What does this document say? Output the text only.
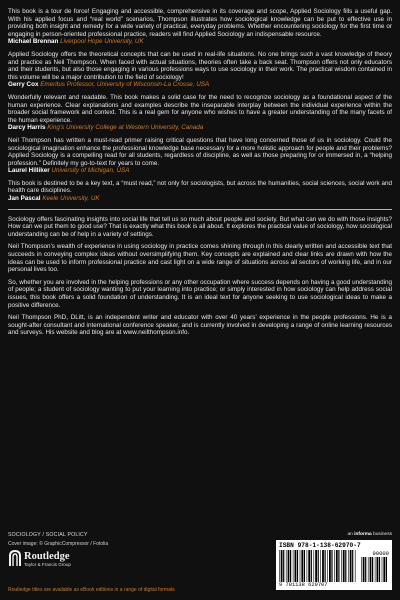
This book is a tour de force! Engaging and accessible, comprehensive in its coverage and scope, Applied Sociology fills a useful gap. With his applied focus and “real world” scenarios, Thompson illustrates how sociological knowledge can be put to effective use in providing both insight and remedy for a wide variety of practical, everyday problems. Whether encountering sociology for the first time or engaging in person-oriented professional practice, readers will find Applied Sociology an indispensable resource.

Michael Brennan Liverpool Hope University, UK

Applied Sociology offers the theoretical concepts that can be used in real-life situations. No one brings such a vast knowledge of theory and practice as Neil Thompson. When faced with actual situations, theories often take a back seat. Thompson offers not only educators and their students, but also those engaging in various professions ways to use sociology in their work. The practical wisdom contained in this volume will be a major contribution to the field of sociology!

Gerry Cox Emeritus Professor, University of Wisconsin-La Crosse, USA

Wonderfully relevant and readable. This book makes a solid case for the need to recognize sociology as a foundational aspect of the human experience. Clear explanations and examples describe the inseparable interplay between the individual experience within the broader social framework and context. This is a real gem for anyone who wishes to have a greater understanding of the many facets of the human experience.

Darcy Harris King’s University College at Western University, Canada

Neil Thompson has written a must-read primer raising critical questions that have long concerned those of us in sociology. Could the sociological imagination enhance the professional knowledge base necessary for a more holistic approach for people and their problems? Applied Sociology is a compelling read for all students, regardless of discipline, as well as those preparing for or immersed in, a “helping profession.” Definitely my go-to-text for years to come.

Laurel Hilliker University of Michigan, USA

This book is destined to be a key text, a “must read,” not only for sociologists, but across the humanities, social sciences, social work and health care disciplines.

Jan Pascal Keele University, UK

Sociology offers fascinating insights into social life that tell us so much about people and society. But what can we do with those insights? How can we put them to good use? That is exactly what this book is all about. It explores the practical value of sociology, how sociological understanding can be of help in a variety of settings.

Neil Thompson’s wealth of experience in using sociology in practice comes shining through in this clearly written and accessible text that succeeds in conveying complex ideas without oversimplifying them. Key concepts are explained and clear links are drawn with how the ideas can be used to inform professional practice and cast light on a wide range of situations across all sectors of working life, and in our personal lives too.

So, whether you are involved in the helping professions or any other occupation where success depends on having a good understanding of people; a student of sociology wanting to put your learning into practice; or simply interested in how sociology can help address social issues, this book offers a solid foundation of understanding. It is an ideal text for anyone seeking to use sociological ideas to make a positive difference.

Neil Thompson PhD, DLitt, is an independent writer and educator with over 40 years’ experience in the people professions. He is a sought-after consultant and international conference speaker, and is currently involved in developing a range of online learning resources and surveys. His website and blog are at www.neilthompson.info.

SOCIOLOGY / SOCIAL POLICY
Cover image: © GraphicCompressor / Fotolia
Routledge
Taylor & Francis Group
Routledge titles are available as eBook editions in a range of digital formats
an informa business
ISBN 978-1-138-62970-7
90000
9 781138 629707
